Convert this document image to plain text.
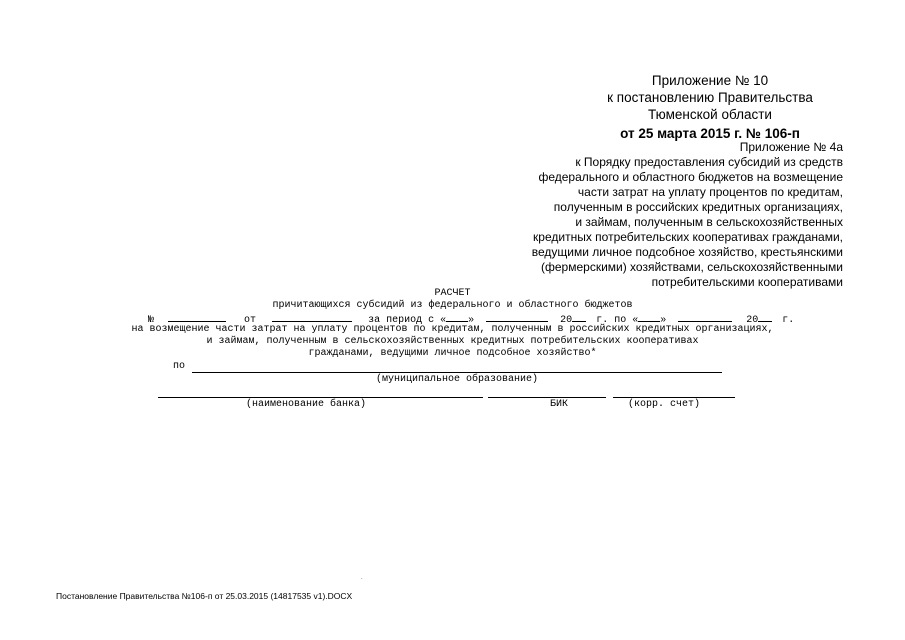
Приложение № 10
к постановлению Правительства
Тюменской области
от 25 марта 2015 г. № 106-п
Приложение № 4а
к Порядку предоставления субсидий из средств
федерального и областного бюджетов на возмещение
части затрат на уплату процентов по кредитам,
полученным в российских кредитных организациях,
и займам, полученным в сельскохозяйственных
кредитных потребительских кооперативах гражданами,
ведущими личное подсобное хозяйство, крестьянскими
(фермерскими) хозяйствами, сельскохозяйственными
потребительскими кооперативами
РАСЧЕТ
причитающихся субсидий из федерального и областного бюджетов
№	от	за период с « »	20 г. по « »	20 г.
на возмещение части затрат на уплату процентов по кредитам, полученным в российских кредитных организациях,
и займам, полученным в сельскохозяйственных кредитных потребительских кооперативах
гражданами, ведущими личное подсобное хозяйство*
по
(муниципальное образование)
(наименование банка)	БИК	(корр. счет)
.
Постановление Правительства №106-п от 25.03.2015 (14817535 v1).DOCX
